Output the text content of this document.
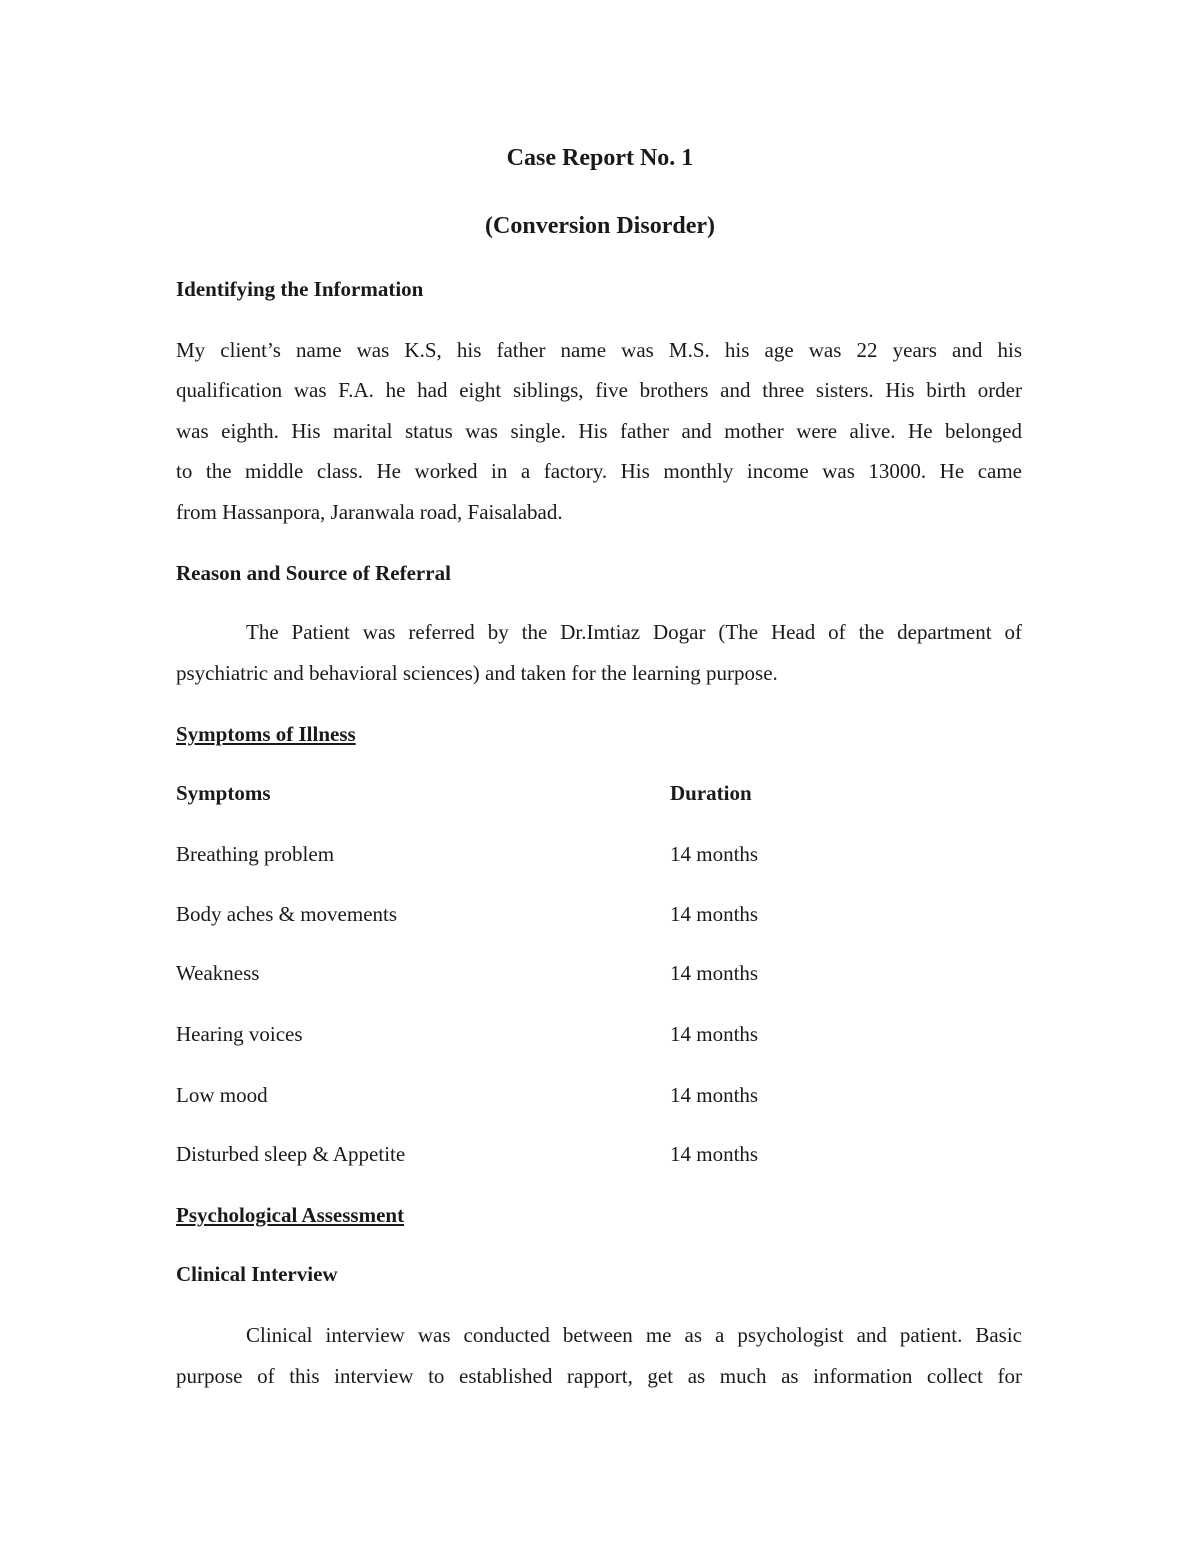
Case Report No. 1
(Conversion Disorder)
Identifying the Information
My client’s name was K.S, his father name was M.S. his age was 22 years and his
qualification was F.A. he had eight siblings, five brothers and three sisters. His birth order
was eighth. His marital status was single. His father and mother were alive. He belonged
to the middle class. He worked in a factory. His monthly income was 13000. He came
from Hassanpora, Jaranwala road, Faisalabad.
Reason and Source of Referral
The Patient was referred by the Dr.Imtiaz Dogar (The Head of the department of
psychiatric and behavioral sciences) and taken for the learning purpose.
Symptoms of Illness
Symptoms	Duration
Breathing problem	14 months
Body aches & movements	14 months
Weakness	14 months
Hearing voices	14 months
Low mood	14 months
Disturbed sleep & Appetite	14 months
Psychological Assessment
Clinical Interview
Clinical interview was conducted between me as a psychologist and patient. Basic
purpose of this interview to established rapport, get as much as information collect for
